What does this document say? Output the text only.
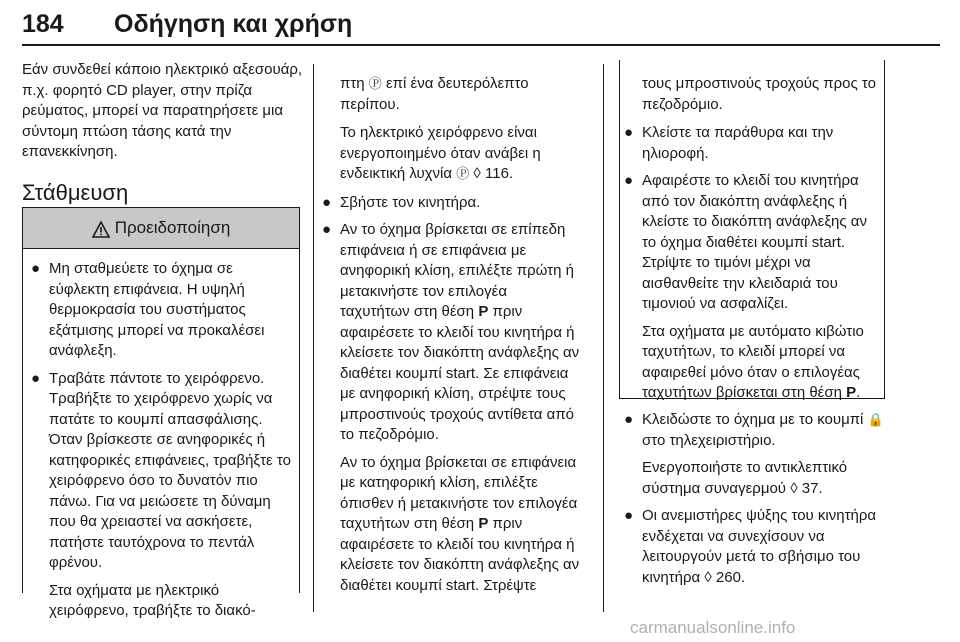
184 Οδήγηση και χρήση

Εάν συνδεθεί κάποιο ηλεκτρικό αξεσουάρ, π.χ. φορητό CD player, στην πρίζα ρεύματος, μπορεί να παρατηρήσετε μια σύντομη πτώση τάσης κατά την επανεκκίνηση.

Στάθμευση
Προειδοποίηση
● Μη σταθμεύετε το όχημα σε εύφλεκτη επιφάνεια. Η υψηλή θερμοκρασία του συστήματος εξάτμισης μπορεί να προκαλέσει ανάφλεξη.
● Τραβάτε πάντοτε το χειρόφρενο. Τραβήξτε το χειρόφρενο χωρίς να πατάτε το κουμπί απασφάλισης. Όταν βρίσκεστε σε ανηφορικές ή κατηφορικές επιφάνειες, τραβήξτε το χειρόφρενο όσο το δυνατόν πιο πάνω. Για να μειώσετε τη δύναμη που θα χρειαστεί να ασκήσετε, πατήστε ταυτόχρονα το πεντάλ φρένου.

Στα οχήματα με ηλεκτρικό χειρόφρενο, τραβήξτε το διακό-

πτη Ⓟ επί ένα δευτερόλεπτο περίπου.

Το ηλεκτρικό χειρόφρενο είναι ενεργοποιημένο όταν ανάβει η ενδεικτική λυχνία Ⓟ ◊ 116.

● Σβήστε τον κινητήρα.
● Αν το όχημα βρίσκεται σε επίπεδη επιφάνεια ή σε επιφάνεια με ανηφορική κλίση, επιλέξτε πρώτη ή μετακινήστε τον επιλογέα ταχυτήτων στη θέση P πριν αφαιρέσετε το κλειδί του κινητήρα ή κλείσετε τον διακόπτη ανάφλεξης αν διαθέτει κουμπί start. Σε επιφάνεια με ανηφορική κλίση, στρέψτε τους μπροστινούς τροχούς αντίθετα από το πεζοδρόμιο.

Αν το όχημα βρίσκεται σε επιφάνεια με κατηφορική κλίση, επιλέξτε όπισθεν ή μετακινήστε τον επιλογέα ταχυτήτων στη θέση P πριν αφαιρέσετε το κλειδί του κινητήρα ή κλείσετε τον διακόπτη ανάφλεξης αν διαθέτει κουμπί start. Στρέψτε

τους μπροστινούς τροχούς προς το πεζοδρόμιο.

● Κλείστε τα παράθυρα και την ηλιοροφή.
● Αφαιρέστε το κλειδί του κινητήρα από τον διακόπτη ανάφλεξης ή κλείστε το διακόπτη ανάφλεξης αν το όχημα διαθέτει κουμπί start. Στρίψτε το τιμόνι μέχρι να αισθανθείτε την κλειδαριά του τιμονιού να ασφαλίζει.

Στα οχήματα με αυτόματο κιβώτιο ταχυτήτων, το κλειδί μπορεί να αφαιρεθεί μόνο όταν ο επιλογέας ταχυτήτων βρίσκεται στη θέση P.

● Κλειδώστε το όχημα με το κουμπί 🔒 στο τηλεχειριστήριο.

Ενεργοποιήστε το αντικλεπτικό σύστημα συναγερμού ◊ 37.

● Οι ανεμιστήρες ψύξης του κινητήρα ενδέχεται να συνεχίσουν να λειτουργούν μετά το σβήσιμο του κινητήρα ◊ 260.
carmanualsonline.info
